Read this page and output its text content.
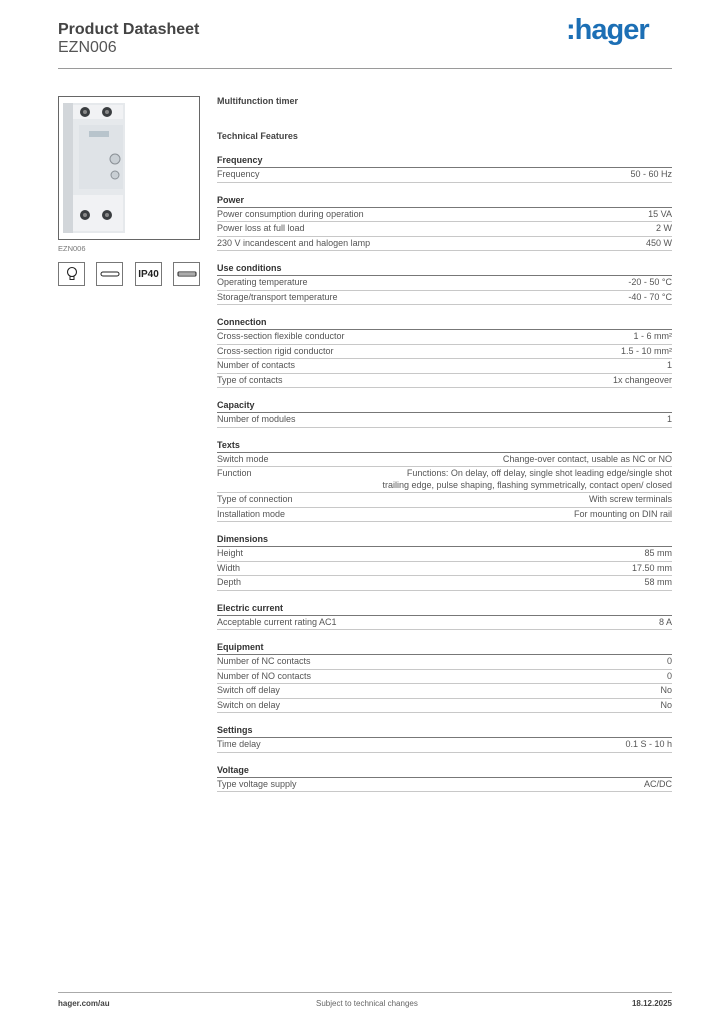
Product Datasheet
EZN006
:hager
EZN006
IP40
Multifunction timer
Technical Features
Frequency
Frequency	50 - 60 Hz
Power
Power consumption during operation	15 VA
Power loss at full load	2 W
230 V incandescent and halogen lamp	450 W
Use conditions
Operating temperature	-20 - 50 °C
Storage/transport temperature	-40 - 70 °C
Connection
Cross-section flexible conductor	1 - 6 mm²
Cross-section rigid conductor	1.5 - 10 mm²
Number of contacts	1
Type of contacts	1x changeover
Capacity
Number of modules	1
Texts
Switch mode	Change-over contact, usable as NC or NO
Function	Functions: On delay, off delay, single shot leading edge/single shot trailing edge, pulse shaping, flashing symmetrically, contact open/ closed
Type of connection	With screw terminals
Installation mode	For mounting on DIN rail
Dimensions
Height	85 mm
Width	17.50 mm
Depth	58 mm
Electric current
Acceptable current rating AC1	8 A
Equipment
Number of NC contacts	0
Number of NO contacts	0
Switch off delay	No
Switch on delay	No
Settings
Time delay	0.1 S - 10 h
Voltage
Type voltage supply	AC/DC
hager.com/au	Subject to technical changes	18.12.2025
